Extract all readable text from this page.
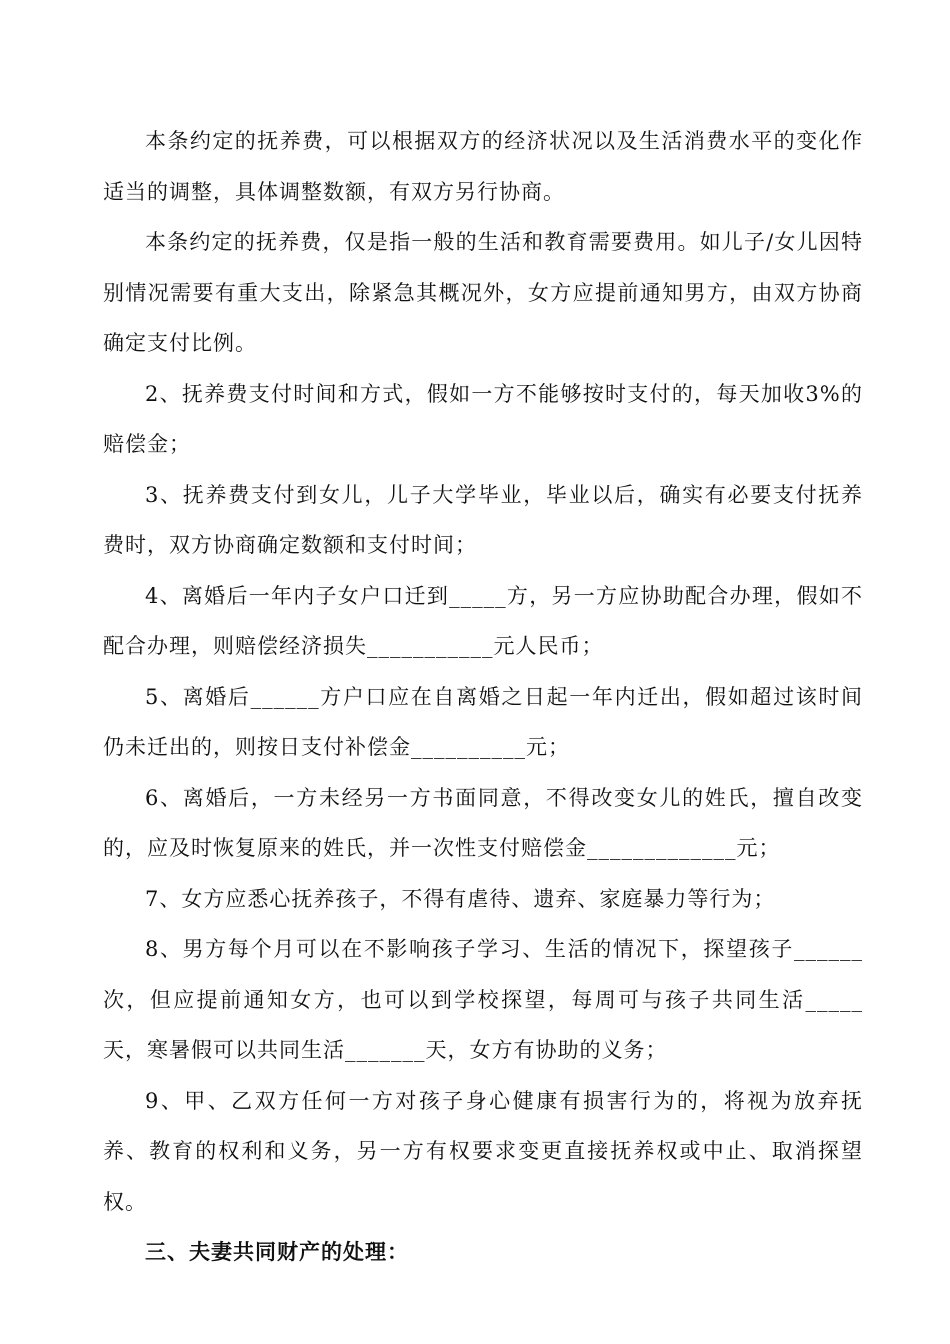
本条约定的抚养费，可以根据双方的经济状况以及生活消费水平的变化作适当的调整，具体调整数额，有双方另行协商。

本条约定的抚养费，仅是指一般的生活和教育需要费用。如儿子/女儿因特别情况需要有重大支出，除紧急其概况外，女方应提前通知男方，由双方协商确定支付比例。

2、抚养费支付时间和方式，假如一方不能够按时支付的，每天加收3%的赔偿金；

3、抚养费支付到女儿，儿子大学毕业，毕业以后，确实有必要支付抚养费时，双方协商确定数额和支付时间；

4、离婚后一年内子女户口迁到_____方，另一方应协助配合办理，假如不配合办理，则赔偿经济损失___________元人民币；

5、离婚后______方户口应在自离婚之日起一年内迁出，假如超过该时间仍未迁出的，则按日支付补偿金__________元；

6、离婚后，一方未经另一方书面同意，不得改变女儿的姓氏，擅自改变的，应及时恢复原来的姓氏，并一次性支付赔偿金_____________元；

7、女方应悉心抚养孩子，不得有虐待、遗弃、家庭暴力等行为；

8、男方每个月可以在不影响孩子学习、生活的情况下，探望孩子______次，但应提前通知女方，也可以到学校探望，每周可与孩子共同生活_____天，寒暑假可以共同生活_______天，女方有协助的义务；

9、甲、乙双方任何一方对孩子身心健康有损害行为的，将视为放弃抚养、教育的权利和义务，另一方有权要求变更直接抚养权或中止、取消探望权。

三、夫妻共同财产的处理：
